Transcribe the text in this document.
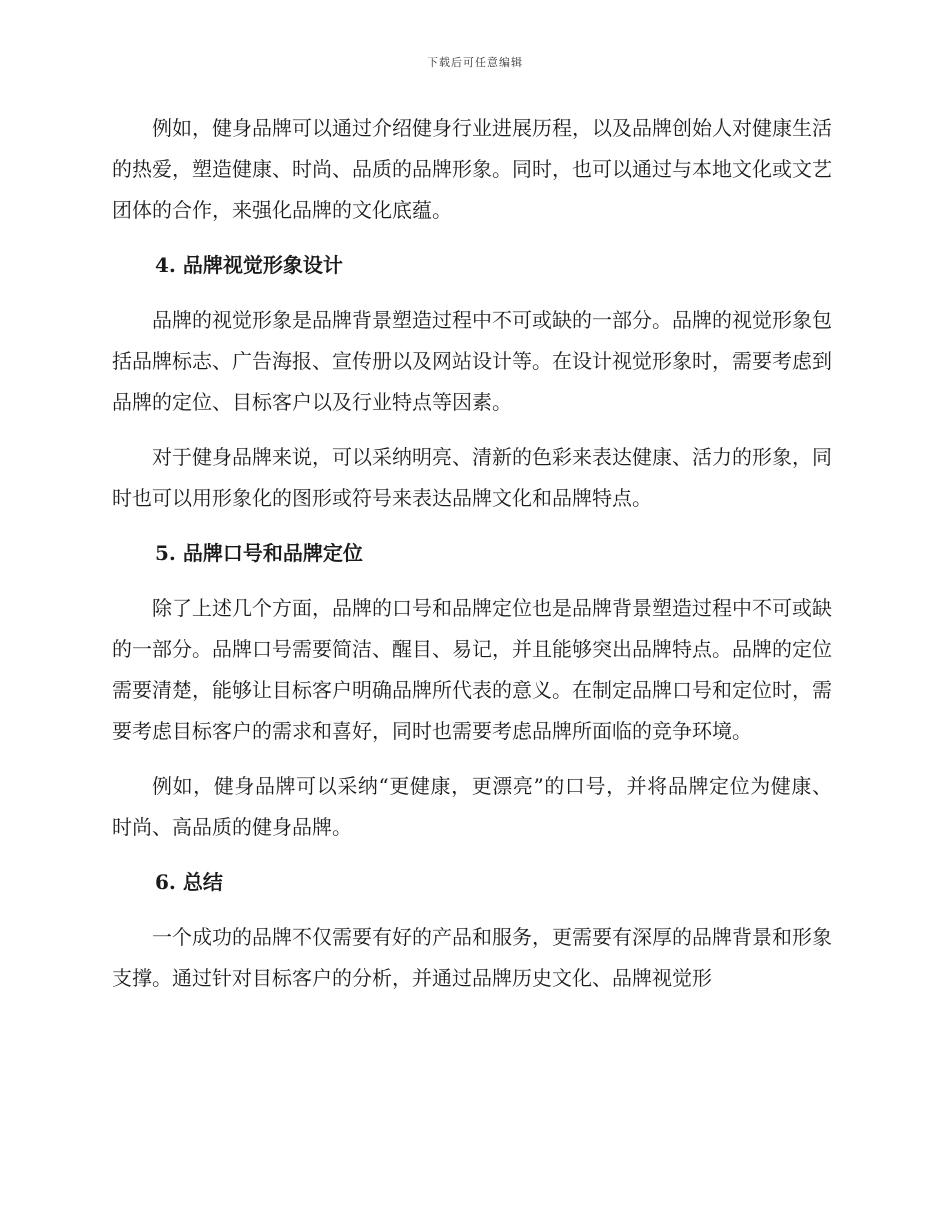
下载后可任意编辑

例如，健身品牌可以通过介绍健身行业进展历程，以及品牌创始人对健康生活的热爱，塑造健康、时尚、品质的品牌形象。同时，也可以通过与本地文化或文艺团体的合作，来强化品牌的文化底蕴。

4. 品牌视觉形象设计

品牌的视觉形象是品牌背景塑造过程中不可或缺的一部分。品牌的视觉形象包括品牌标志、广告海报、宣传册以及网站设计等。在设计视觉形象时，需要考虑到品牌的定位、目标客户以及行业特点等因素。

对于健身品牌来说，可以采纳明亮、清新的色彩来表达健康、活力的形象，同时也可以用形象化的图形或符号来表达品牌文化和品牌特点。

5. 品牌口号和品牌定位

除了上述几个方面，品牌的口号和品牌定位也是品牌背景塑造过程中不可或缺的一部分。品牌口号需要简洁、醒目、易记，并且能够突出品牌特点。品牌的定位需要清楚，能够让目标客户明确品牌所代表的意义。在制定品牌口号和定位时，需要考虑目标客户的需求和喜好，同时也需要考虑品牌所面临的竞争环境。

例如，健身品牌可以采纳“更健康，更漂亮”的口号，并将品牌定位为健康、时尚、高品质的健身品牌。

6. 总结

一个成功的品牌不仅需要有好的产品和服务，更需要有深厚的品牌背景和形象支撑。通过针对目标客户的分析，并通过品牌历史文化、品牌视觉形
